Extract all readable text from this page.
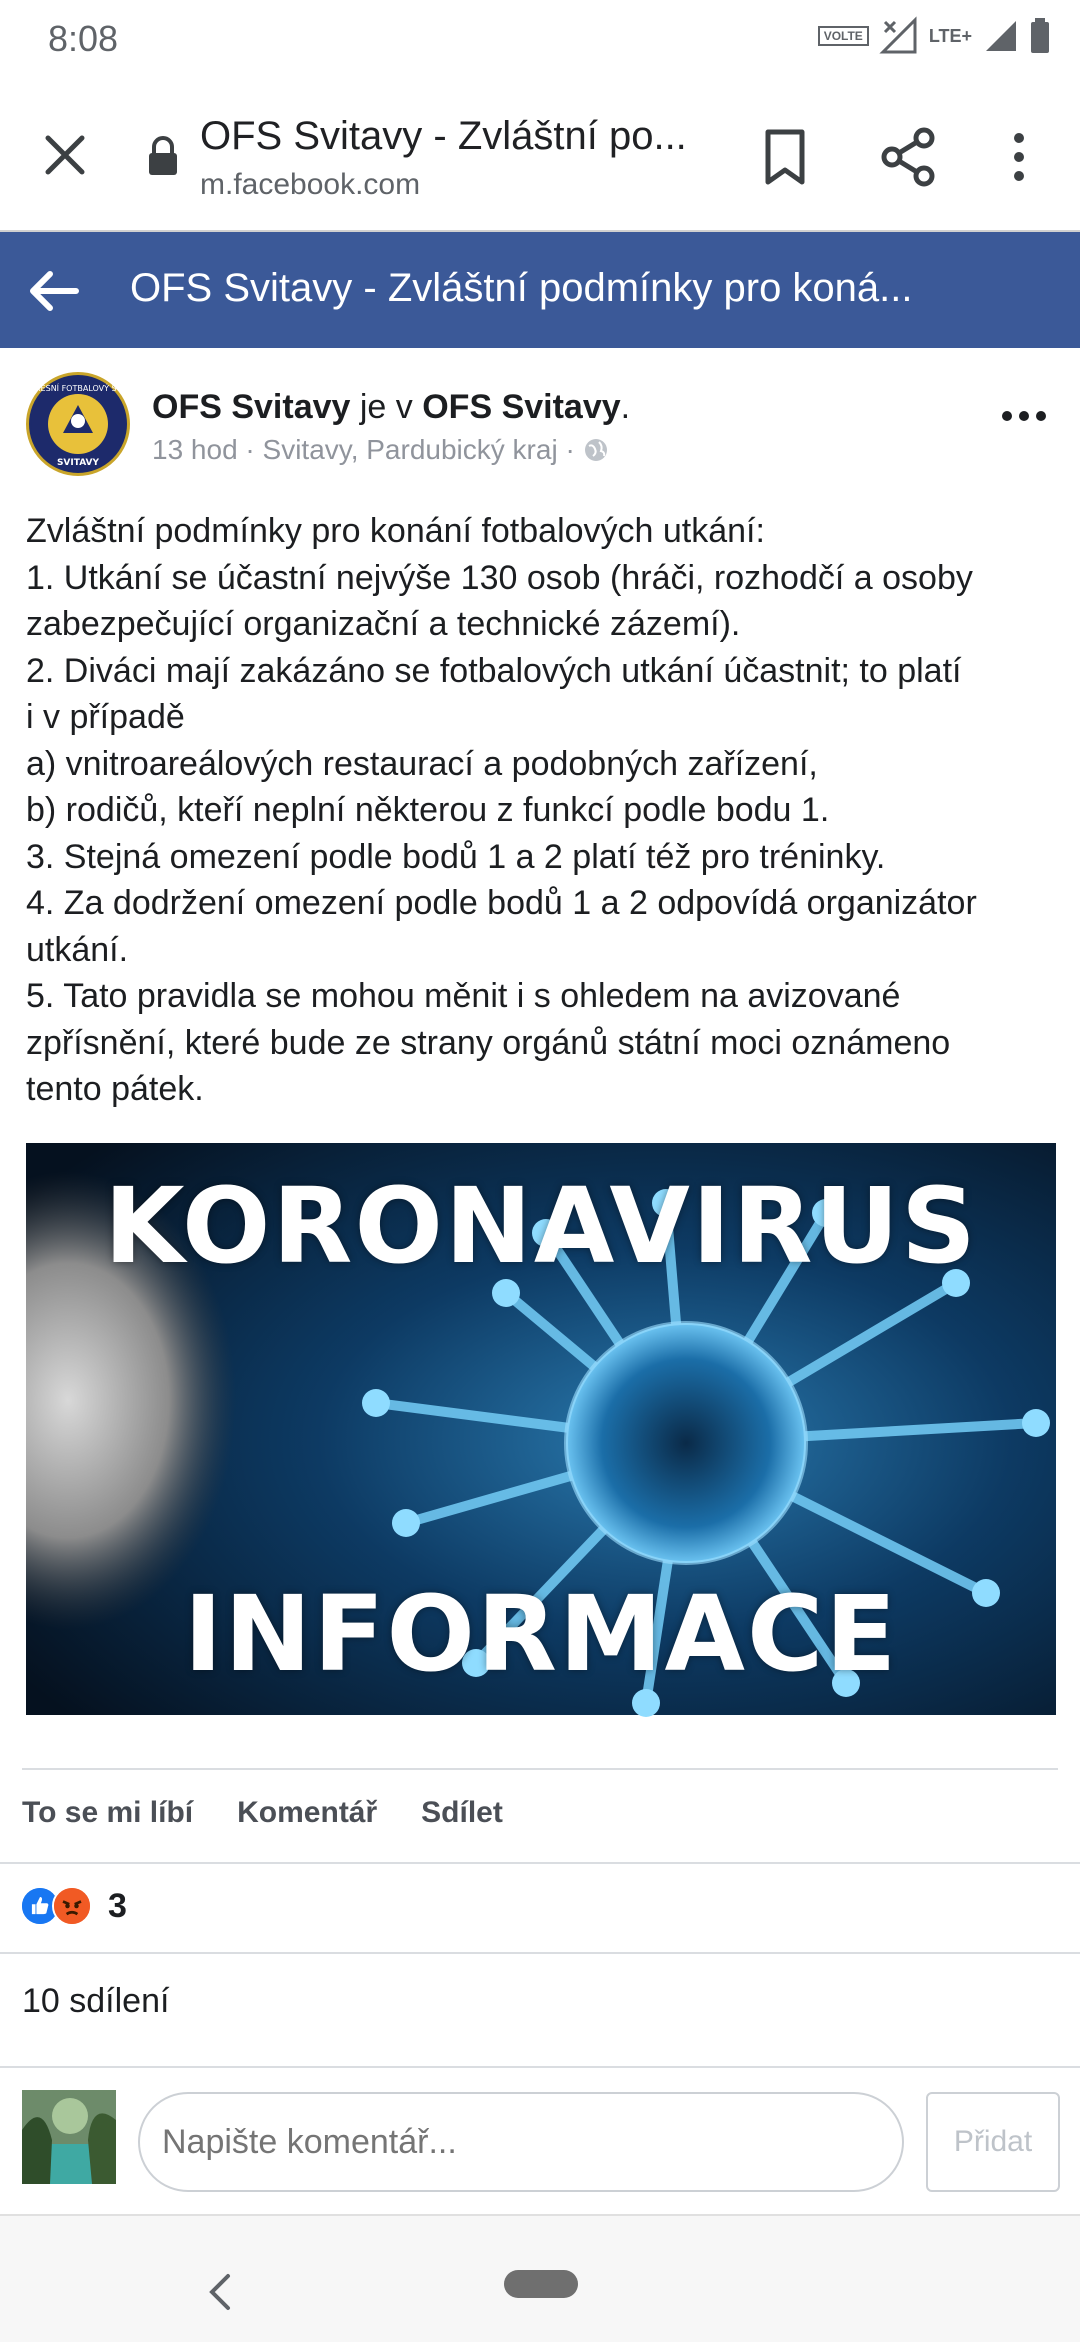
8:08	VOLTE	LTE+
OFS Svitavy - Zvláštní po...
m.facebook.com
OFS Svitavy - Zvláštní podmínky pro koná...
OKRESNÍ FOTBALOVÝ SVAZ
SVITAVY
OFS Svitavy je v OFS Svitavy.
13 hod · Svitavy, Pardubický kraj ·
Zvláštní podmínky pro konání fotbalových utkání:
1. Utkání se účastní nejvýše 130 osob (hráči, rozhodčí a osoby
zabezpečující organizační a technické zázemí).
2. Diváci mají zakázáno se fotbalových utkání účastnit; to platí
i v případě
a) vnitroareálových restaurací a podobných zařízení,
b) rodičů, kteří neplní některou z funkcí podle bodu 1.
3. Stejná omezení podle bodů 1 a 2 platí též pro tréninky.
4. Za dodržení omezení podle bodů 1 a 2 odpovídá organizátor
utkání.
5. Tato pravidla se mohou měnit i s ohledem na avizované
zpřísnění, které bude ze strany orgánů státní moci oznámeno
tento pátek.
KORONAVIRUS
INFORMACE
To se mi líbí Komentář Sdílet
3
10 sdílení
Napište komentář...
Přidat
